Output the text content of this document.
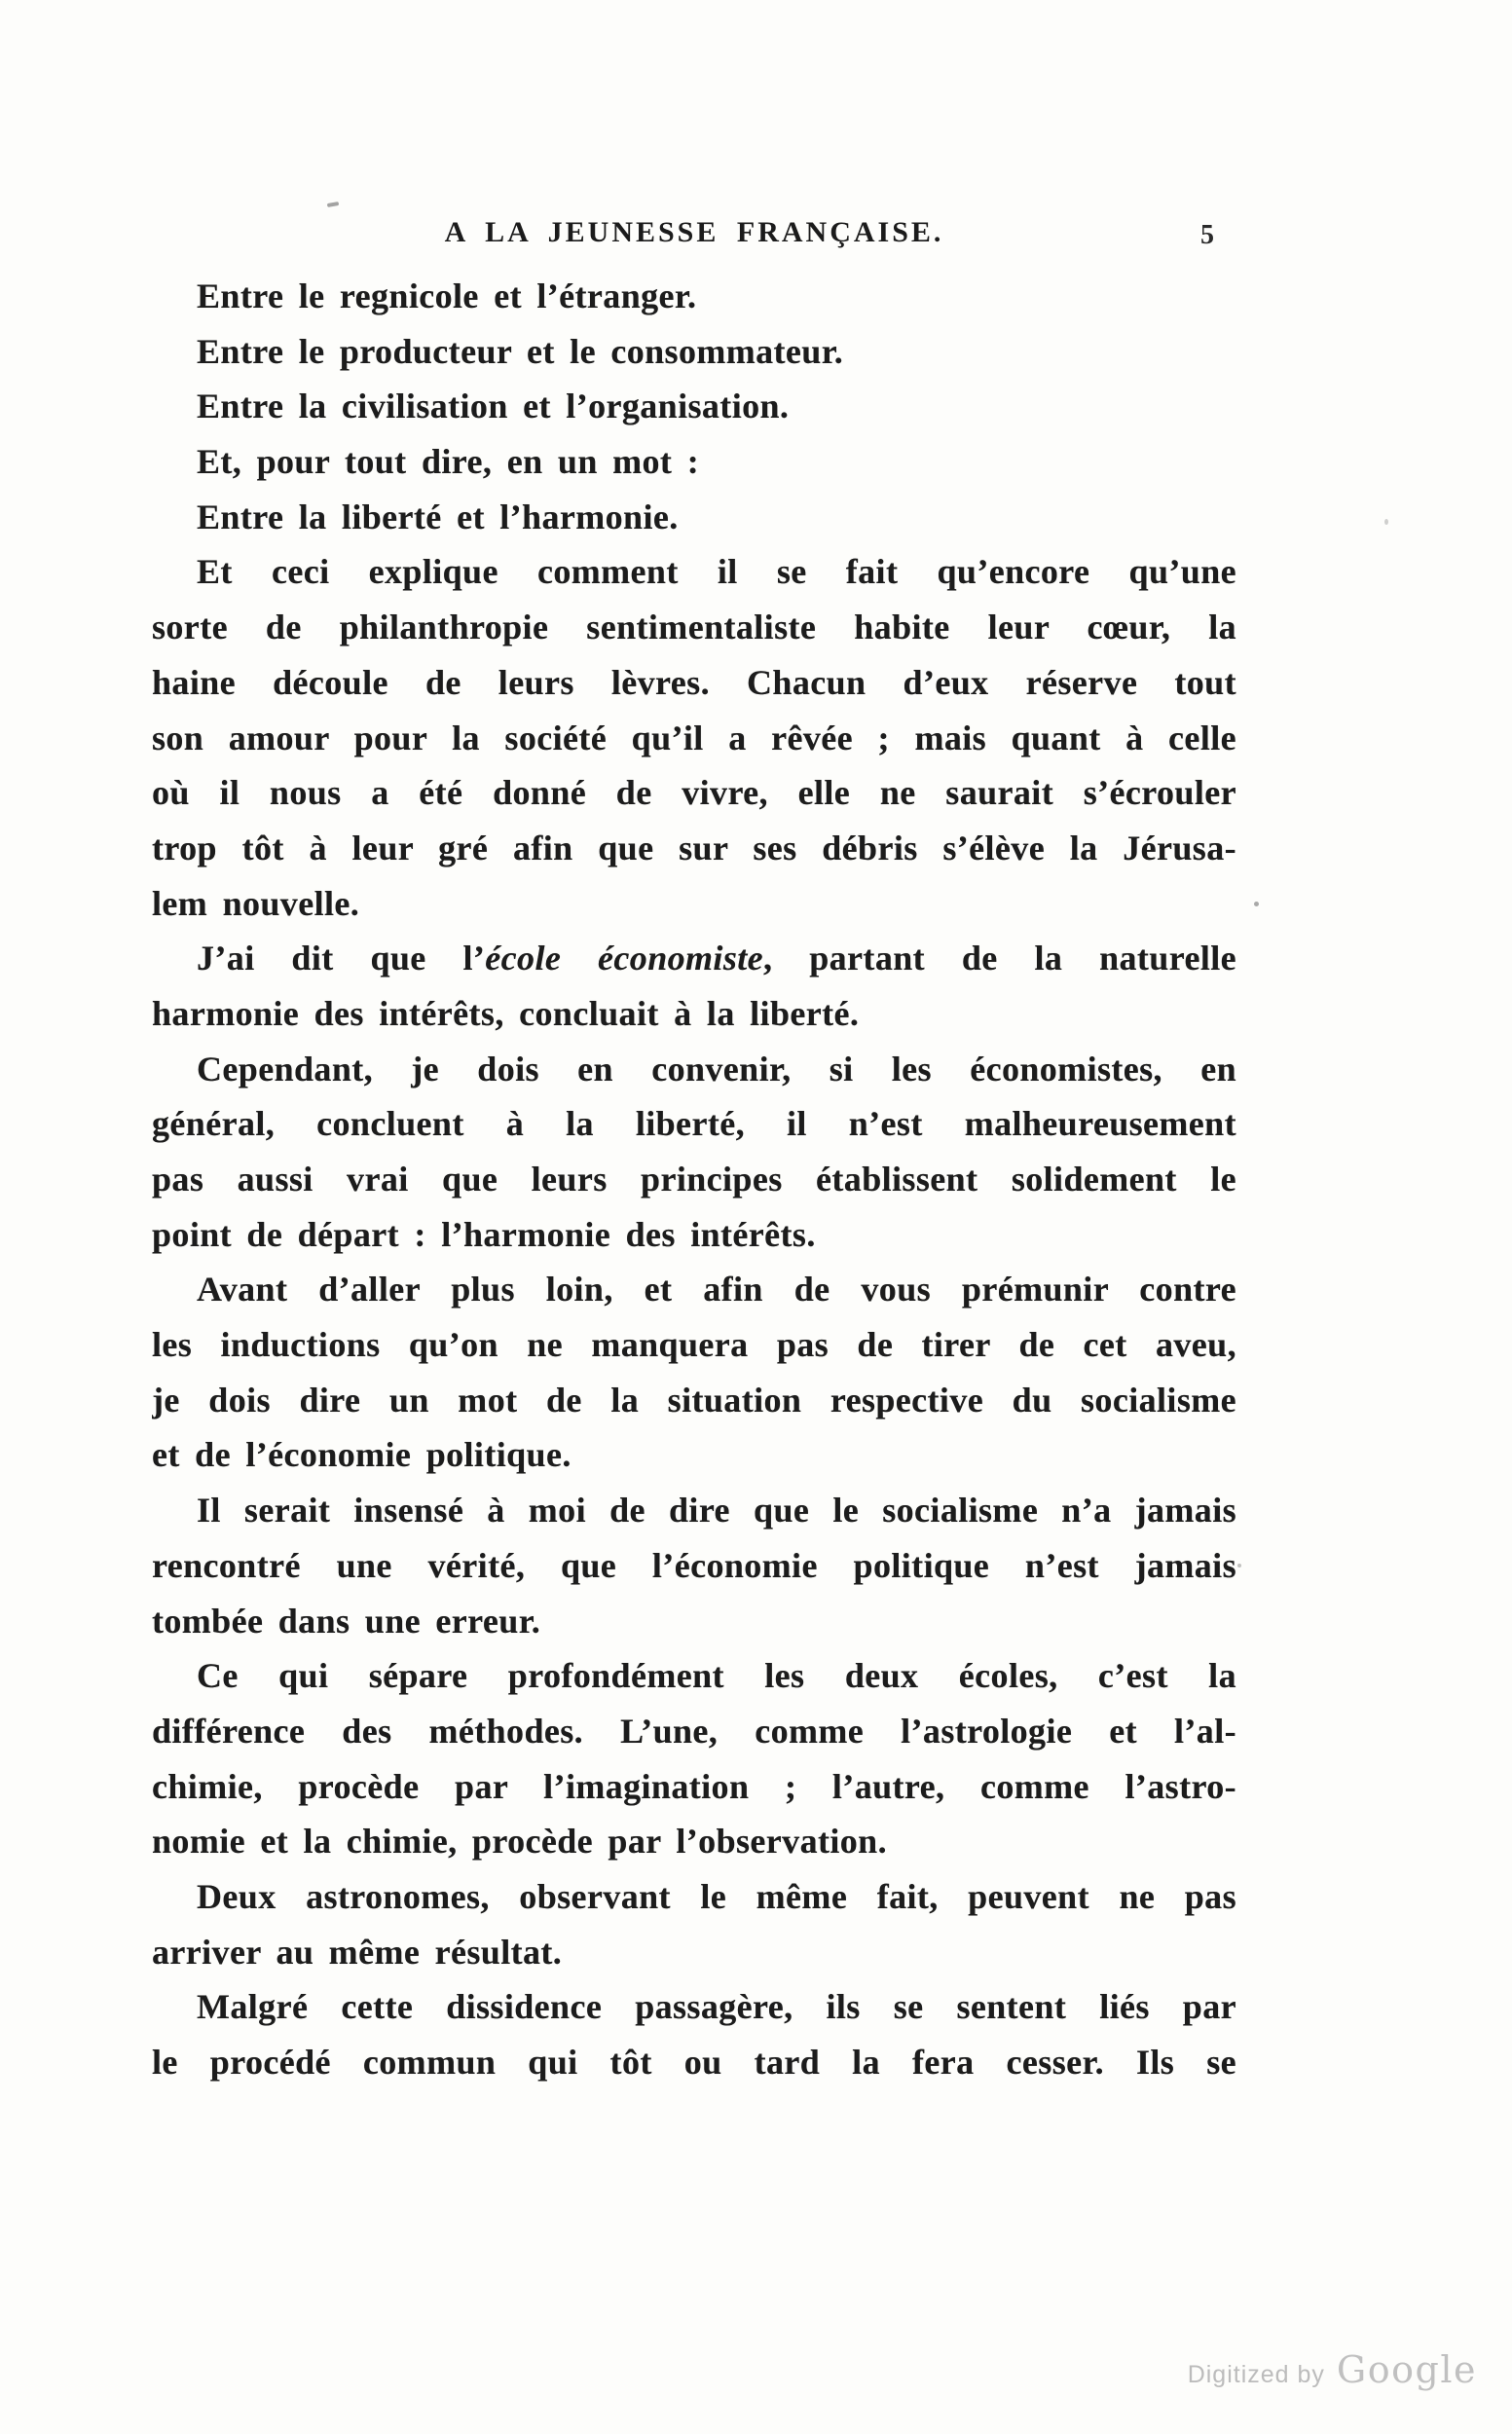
A LA JEUNESSE FRANÇAISE.	5
Entre le regnicole et l’étranger.
Entre le producteur et le consommateur.
Entre la civilisation et l’organisation.
Et, pour tout dire, en un mot :
Entre la liberté et l’harmonie.
Et ceci explique comment il se fait qu’encore qu’une
sorte de philanthropie sentimentaliste habite leur cœur, la
haine découle de leurs lèvres. Chacun d’eux réserve tout
son amour pour la société qu’il a rêvée ; mais quant à celle
où il nous a été donné de vivre, elle ne saurait s’écrouler
trop tôt à leur gré afin que sur ses débris s’élève la Jérusa-
lem nouvelle.
J’ai dit que l’école économiste, partant de la naturelle
harmonie des intérêts, concluait à la liberté.
Cependant, je dois en convenir, si les économistes, en
général, concluent à la liberté, il n’est malheureusement
pas aussi vrai que leurs principes établissent solidement le
point de départ : l’harmonie des intérêts.
Avant d’aller plus loin, et afin de vous prémunir contre
les inductions qu’on ne manquera pas de tirer de cet aveu,
je dois dire un mot de la situation respective du socialisme
et de l’économie politique.
Il serait insensé à moi de dire que le socialisme n’a jamais
rencontré une vérité, que l’économie politique n’est jamais
tombée dans une erreur.
Ce qui sépare profondément les deux écoles, c’est la
différence des méthodes. L’une, comme l’astrologie et l’al-
chimie, procède par l’imagination ; l’autre, comme l’astro-
nomie et la chimie, procède par l’observation.
Deux astronomes, observant le même fait, peuvent ne pas
arriver au même résultat.
Malgré cette dissidence passagère, ils se sentent liés par
le procédé commun qui tôt ou tard la fera cesser. Ils se
Digitized by Google
